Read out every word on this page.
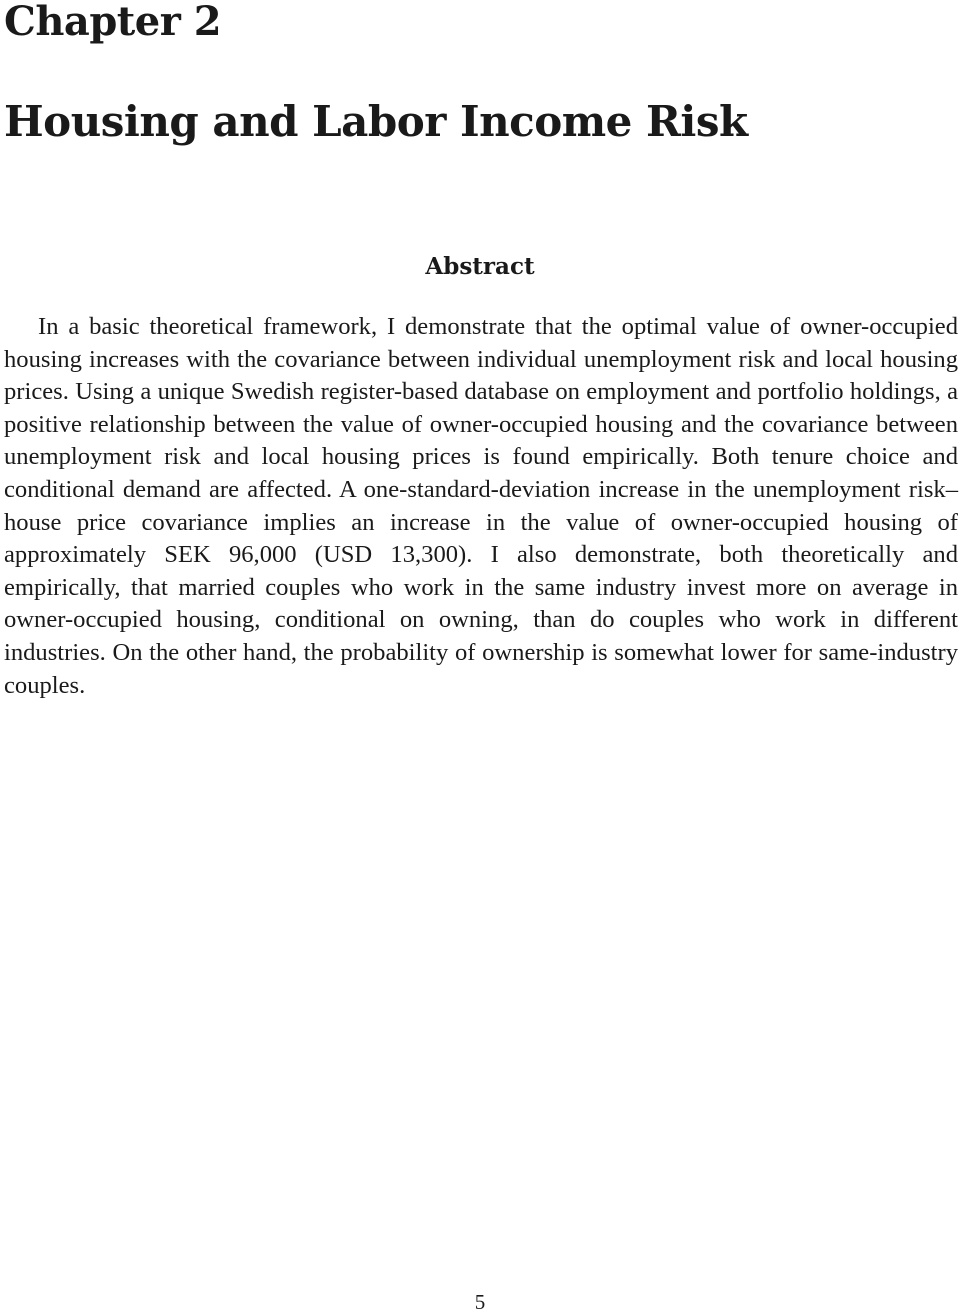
Chapter 2
Housing and Labor Income Risk
Abstract

In a basic theoretical framework, I demonstrate that the optimal value of owner-occupied housing increases with the covariance between individual unemployment risk and local housing prices. Using a unique Swedish register-based database on employment and portfolio holdings, a positive relationship between the value of owner-occupied housing and the covariance between unemployment risk and local housing prices is found empirically. Both tenure choice and conditional demand are affected. A one-standard-deviation increase in the unemployment risk–house price covariance implies an increase in the value of owner-occupied housing of approximately SEK 96,000 (USD 13,300). I also demonstrate, both theoretically and empirically, that married couples who work in the same industry invest more on average in owner-occupied housing, conditional on owning, than do couples who work in different industries. On the other hand, the probability of ownership is somewhat lower for same-industry couples.

5
